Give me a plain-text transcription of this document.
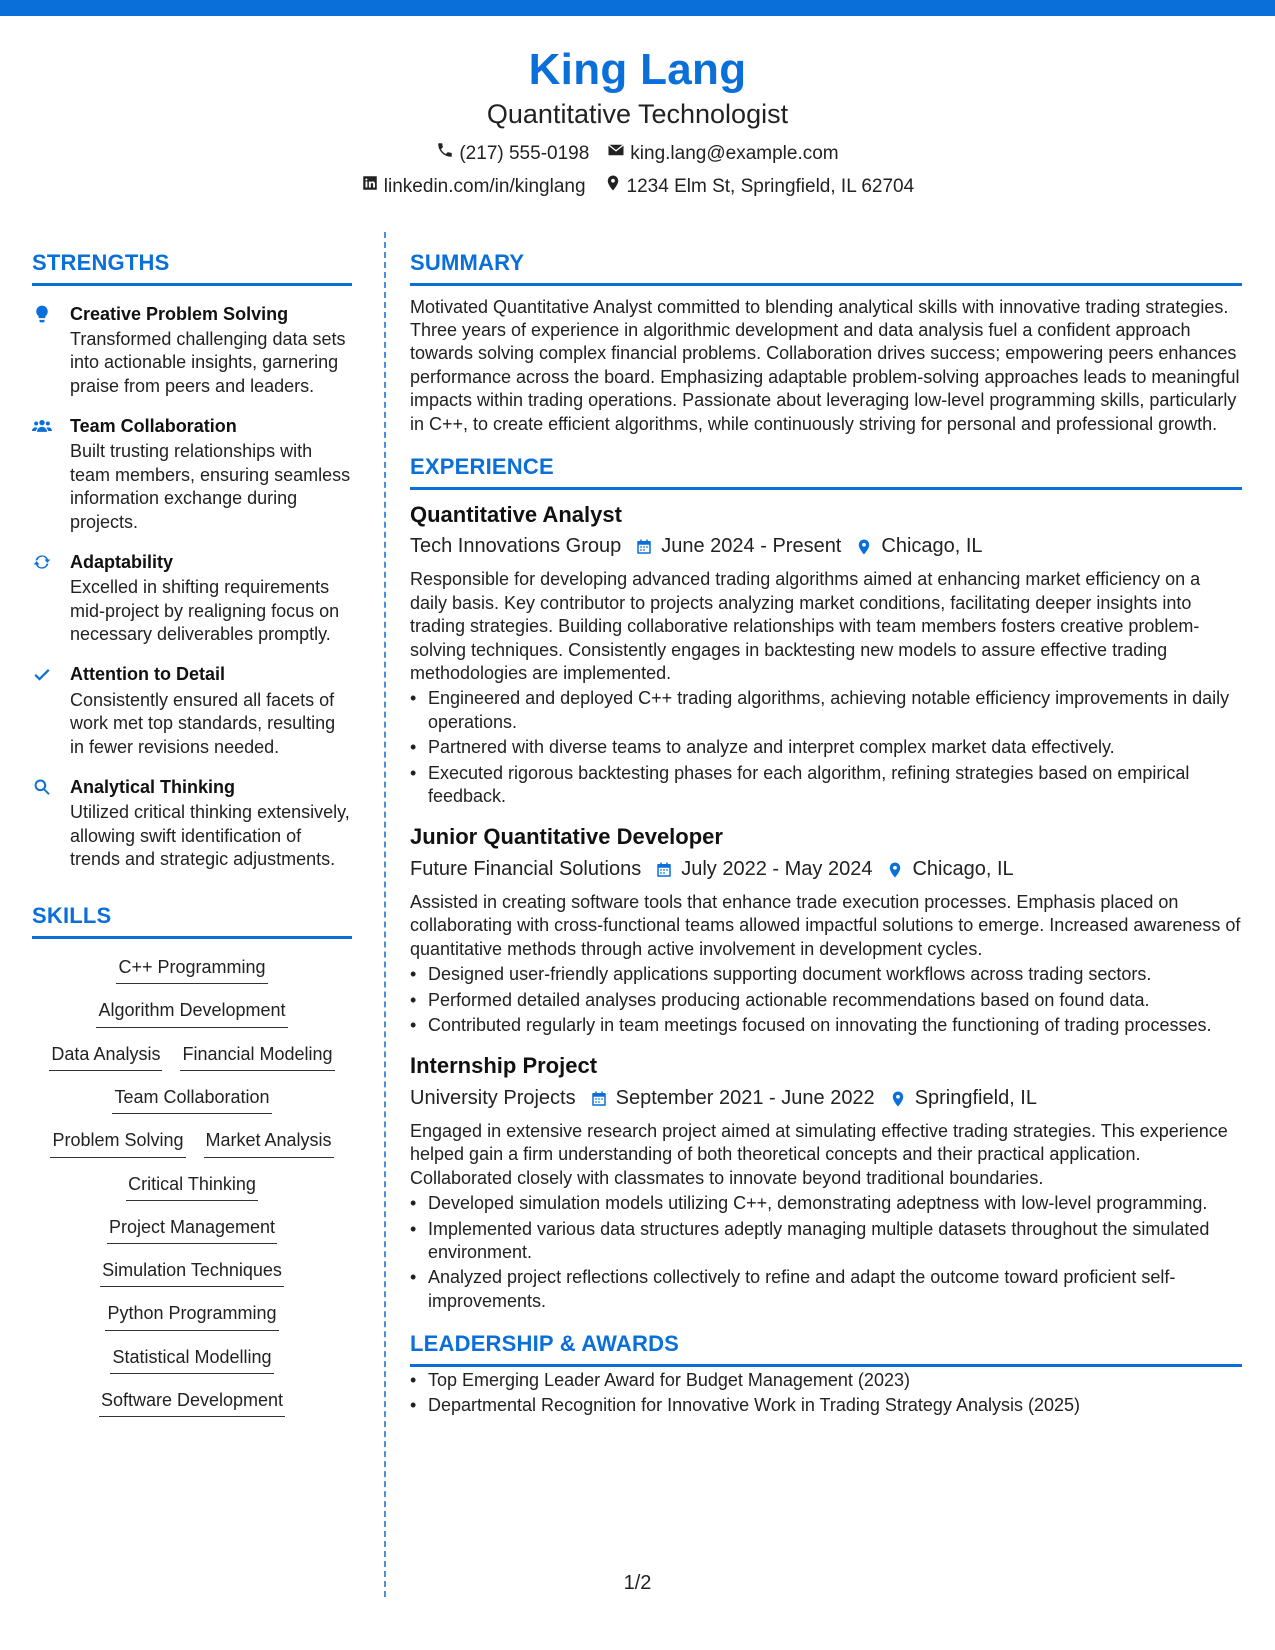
King Lang
Quantitative Technologist
(217) 555-0198 king.lang@example.com
linkedin.com/in/kinglang 1234 Elm St, Springfield, IL 62704
STRENGTHS
Creative Problem Solving
Transformed challenging data sets into actionable insights, garnering praise from peers and leaders.
Team Collaboration
Built trusting relationships with team members, ensuring seamless information exchange during projects.
Adaptability
Excelled in shifting requirements mid-project by realigning focus on necessary deliverables promptly.
Attention to Detail
Consistently ensured all facets of work met top standards, resulting in fewer revisions needed.
Analytical Thinking
Utilized critical thinking extensively, allowing swift identification of trends and strategic adjustments.
SKILLS
C++ Programming
Algorithm Development
Data Analysis Financial Modeling
Team Collaboration
Problem Solving Market Analysis
Critical Thinking
Project Management
Simulation Techniques
Python Programming
Statistical Modelling
Software Development
SUMMARY
Motivated Quantitative Analyst committed to blending analytical skills with innovative trading strategies. Three years of experience in algorithmic development and data analysis fuel a confident approach towards solving complex financial problems. Collaboration drives success; empowering peers enhances performance across the board. Emphasizing adaptable problem-solving approaches leads to meaningful impacts within trading operations. Passionate about leveraging low-level programming skills, particularly in C++, to create efficient algorithms, while continuously striving for personal and professional growth.
EXPERIENCE
Quantitative Analyst
Tech Innovations Group June 2024 - Present Chicago, IL
Responsible for developing advanced trading algorithms aimed at enhancing market efficiency on a daily basis. Key contributor to projects analyzing market conditions, facilitating deeper insights into trading strategies. Building collaborative relationships with team members fosters creative problem-solving techniques. Consistently engages in backtesting new models to assure effective trading methodologies are implemented.
• Engineered and deployed C++ trading algorithms, achieving notable efficiency improvements in daily operations.
• Partnered with diverse teams to analyze and interpret complex market data effectively.
• Executed rigorous backtesting phases for each algorithm, refining strategies based on empirical feedback.
Junior Quantitative Developer
Future Financial Solutions July 2022 - May 2024 Chicago, IL
Assisted in creating software tools that enhance trade execution processes. Emphasis placed on collaborating with cross-functional teams allowed impactful solutions to emerge. Increased awareness of quantitative methods through active involvement in development cycles.
• Designed user-friendly applications supporting document workflows across trading sectors.
• Performed detailed analyses producing actionable recommendations based on found data.
• Contributed regularly in team meetings focused on innovating the functioning of trading processes.
Internship Project
University Projects September 2021 - June 2022 Springfield, IL
Engaged in extensive research project aimed at simulating effective trading strategies. This experience helped gain a firm understanding of both theoretical concepts and their practical application. Collaborated closely with classmates to innovate beyond traditional boundaries.
• Developed simulation models utilizing C++, demonstrating adeptness with low-level programming.
• Implemented various data structures adeptly managing multiple datasets throughout the simulated environment.
• Analyzed project reflections collectively to refine and adapt the outcome toward proficient self-improvements.
LEADERSHIP & AWARDS
• Top Emerging Leader Award for Budget Management (2023)
• Departmental Recognition for Innovative Work in Trading Strategy Analysis (2025)
1/2
